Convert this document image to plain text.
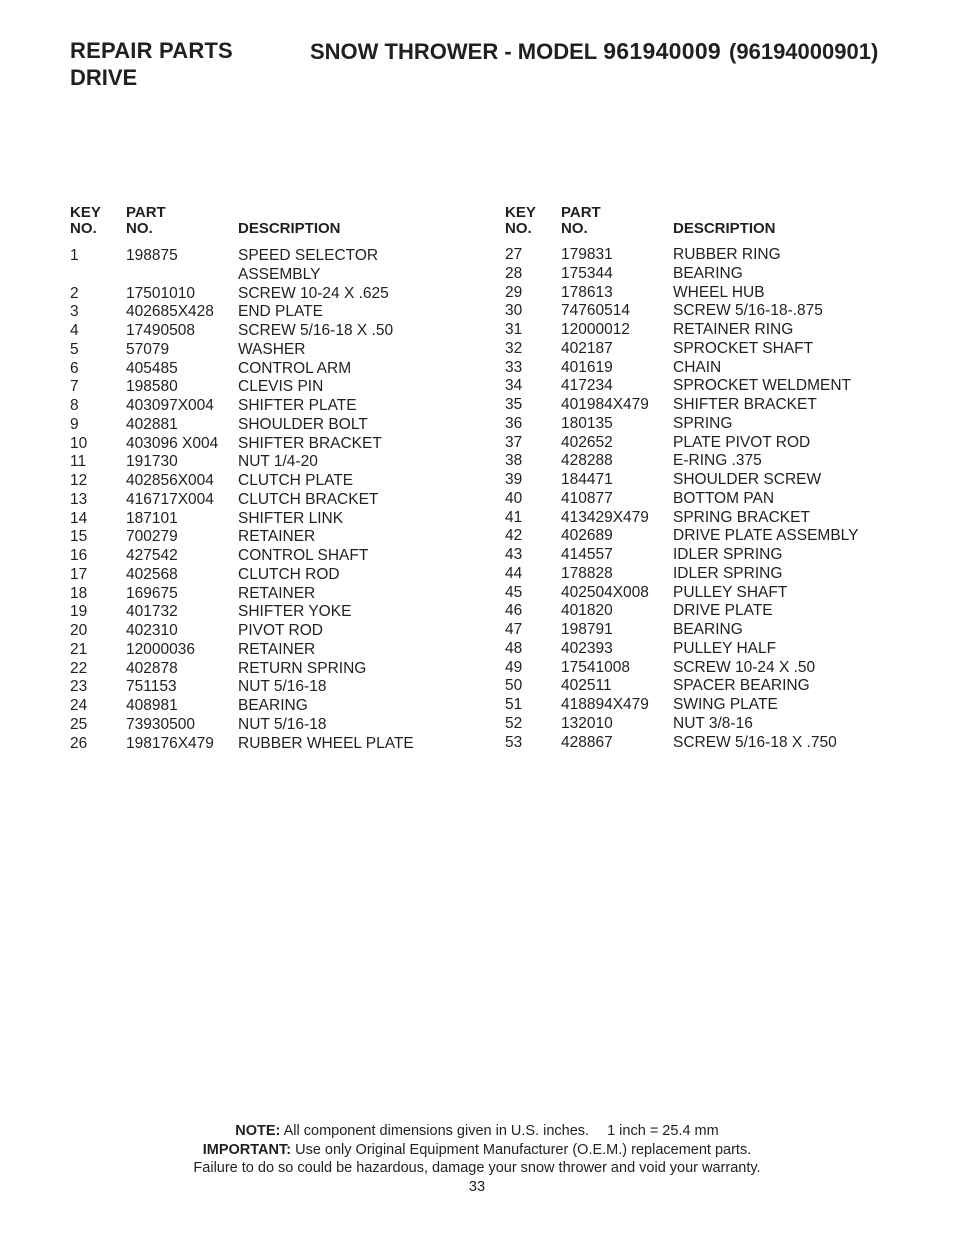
REPAIR PARTS
DRIVE
SNOW THROWER - MODEL 961940009 (96194000901)
KEY
NO.
PART
NO.	DESCRIPTION
1	198875	SPEED SELECTOR
ASSEMBLY
2	17501010	SCREW 10-24 X .625
3	402685X428 END PLATE
4	17490508	SCREW 5/16-18 X .50
5	57079	WASHER
6	405485	CONTROL ARM
7	198580	CLEVIS PIN
8	403097X004 SHIFTER PLATE
9	402881	SHOULDER BOLT
10	403096 X004 SHIFTER BRACKET
11	191730	NUT 1/4-20
12	402856X004 CLUTCH PLATE
13	416717X004 CLUTCH BRACKET
14	187101	SHIFTER LINK
15	700279	RETAINER
16	427542	CONTROL SHAFT
17	402568	CLUTCH ROD
18	169675	RETAINER
19	401732	SHIFTER YOKE
20	402310	PIVOT ROD
21	12000036	RETAINER
22	402878	RETURN SPRING
23	751153	NUT 5/16-18
24	408981	BEARING
25	73930500	NUT 5/16-18
26	198176X479 RUBBER WHEEL PLATE
KEY
NO.
PART
NO.	DESCRIPTION
27	179831	RUBBER RING
28	175344	BEARING
29	178613	WHEEL HUB
30	74760514	SCREW 5/16-18-.875
31	12000012	RETAINER RING
32	402187	SPROCKET SHAFT
33	401619	CHAIN
34	417234	SPROCKET WELDMENT
35	401984X479 SHIFTER BRACKET
36	180135	SPRING
37	402652	PLATE PIVOT ROD
38	428288	E-RING .375
39	184471	SHOULDER SCREW
40	410877	BOTTOM PAN
41	413429X479 SPRING BRACKET
42	402689	DRIVE PLATE ASSEMBLY
43	414557	IDLER SPRING
44	178828	IDLER SPRING
45	402504X008 PULLEY SHAFT
46	401820	DRIVE PLATE
47	198791	BEARING
48	402393	PULLEY HALF
49	17541008	SCREW 10-24 X .50
50	402511	SPACER BEARING
51	418894X479 SWING PLATE
52	132010	NUT 3/8-16
53	428867	SCREW 5/16-18 X .750
NOTE: All component dimensions given in U.S. inches. 1 inch = 25.4 mm
IMPORTANT: Use only Original Equipment Manufacturer (O.E.M.) replacement parts.
Failure to do so could be hazardous, damage your snow thrower and void your warranty.
33
